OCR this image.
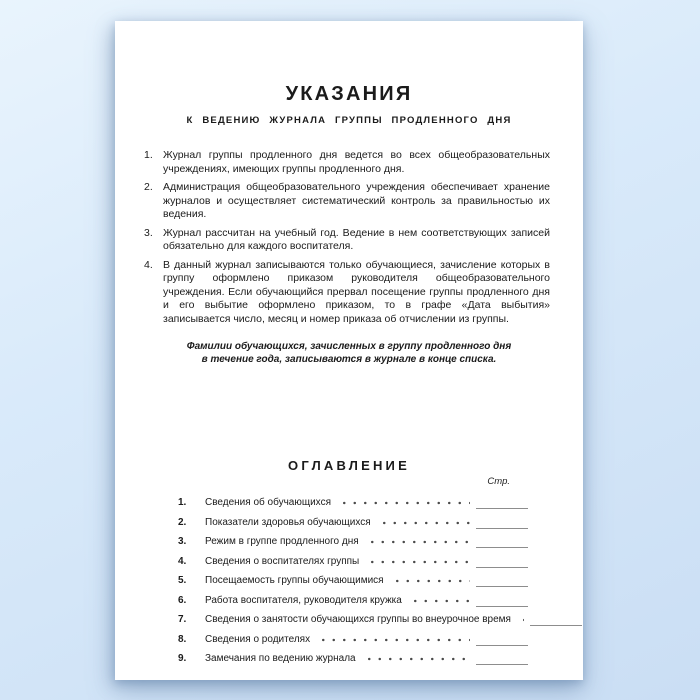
УКАЗАНИЯ
К ВЕДЕНИЮ ЖУРНАЛА ГРУППЫ ПРОДЛЕННОГО ДНЯ
1. Журнал группы продленного дня ведется во всех общеобразовательных учреждениях, имеющих группы продленного дня.
2. Администрация общеобразовательного учреждения обеспечивает хранение журналов и осуществляет систематический контроль за правильностью их ведения.
3. Журнал рассчитан на учебный год. Ведение в нем соответствующих записей обязательно для каждого воспитателя.
4. В данный журнал записываются только обучающиеся, зачисление которых в группу оформлено приказом руководителя общеобразовательного учреждения. Если обучающийся прервал посещение группы продленного дня и его выбытие оформлено приказом, то в графе «Дата выбытия» записывается число, месяц и номер приказа об отчислении из группы.
Фамилии обучающихся, зачисленных в группу продленного дня
в течение года, записываются в журнале в конце списка.
ОГЛАВЛЕНИЕ
Стр.
1.	Сведения об обучающихся
2.	Показатели здоровья обучающихся
3.	Режим в группе продленного дня
4.	Сведения о воспитателях группы
5.	Посещаемость группы обучающимися
6.	Работа воспитателя, руководителя кружка
7.	Сведения о занятости обучающихся группы во внеурочное время
8.	Сведения о родителях
9.	Замечания по ведению журнала
